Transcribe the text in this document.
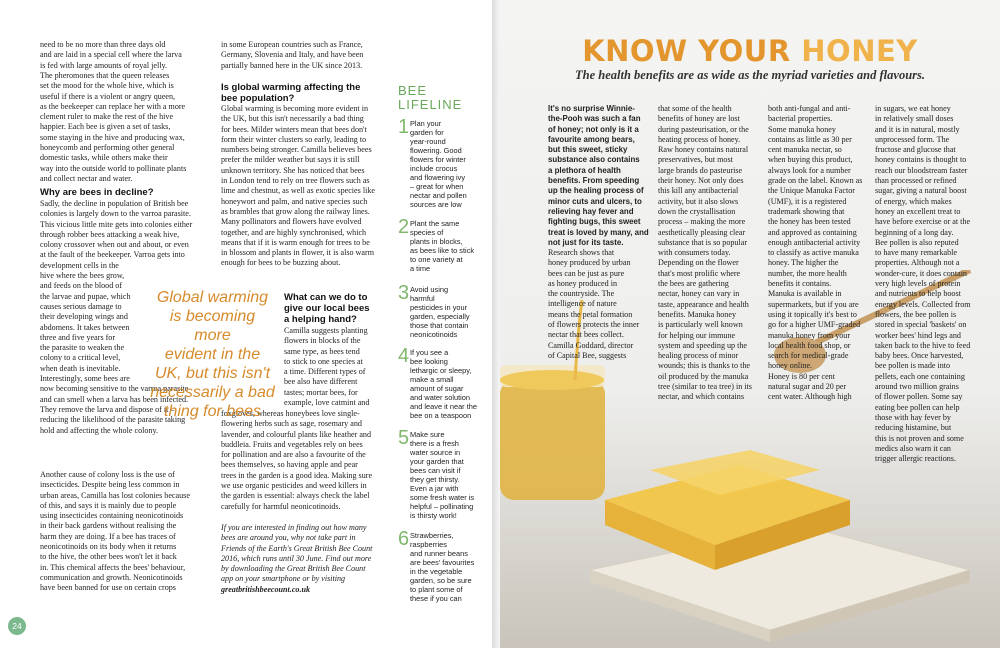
need to be no more than three days old
and are laid in a special cell where the larva
is fed with large amounts of royal jelly.

The pheromones that the queen releases
set the mood for the whole hive, which is
useful if there is a violent or angry queen,
as the beekeeper can replace her with a more
clement ruler to make the rest of the hive
happier. Each bee is given a set of tasks,
some staying in the hive and producing wax,
honeycomb and performing other general
domestic tasks, while others make their
way into the outside world to pollinate plants
and collect nectar and water.

Why are bees in decline?

Sadly, the decline in population of British bee
colonies is largely down to the varroa parasite.
This vicious little mite gets into colonies either
through robber bees attacking a weak hive,
colony crossover when out and about, or even
at the fault of the beekeeper. Varroa gets into
development cells in the
hive where the bees grow,
and feeds on the blood of
the larvae and pupae, which
causes serious damage to
their developing wings and
abdomens. It takes between
three and five years for
the parasite to weaken the
colony to a critical level,
when death is inevitable.
Interestingly, some bees are
now becoming sensitive to the varroa parasite
and can smell when a larva has been infected.
They remove the larva and dispose of it –
reducing the likelihood of the parasite taking
hold and affecting the whole colony.

Another cause of colony loss is the use of
insecticides. Despite being less common in
urban areas, Camilla has lost colonies because
of this, and says it is mainly due to people
using insecticides containing neonicotinoids
in their back gardens without realising the
harm they are doing. If a bee has traces of
neonicotinoids on its body when it returns
to the hive, the other bees won't let it back
in. This chemical affects the bees' behaviour,
communication and growth. Neonicotinoids
have been banned for use on certain crops

in some European countries such as France,
Germany, Slovenia and Italy, and have been
partially banned here in the UK since 2013.

Is global warming affecting the
bee population?

Global warming is becoming more evident in
the UK, but this isn't necessarily a bad thing
for bees. Milder winters mean that bees don't
form their winter clusters so early, leading to
numbers being stronger. Camilla believes bees
prefer the milder weather but says it is still
unknown territory. She has noticed that bees
in London tend to rely on tree flowers such as
lime and chestnut, as well as exotic species like
honeywort and palm, and native species such
as brambles that grow along the railway lines.
Many pollinators and flowers have evolved
together, and are highly synchronised, which
means that if it is warm enough for trees to be
in blossom and plants in flower, it is also warm
enough for bees to be buzzing about.

What can we do to
give our local bees
a helping hand?

Camilla suggests planting
flowers in blocks of the
same type, as bees tend
to stick to one species at
a time. Different types of
bee also have different
tastes; mortar bees, for
example, love catmint and

foxgloves, whereas honeybees love single-
flowering herbs such as sage, rosemary and
lavender, and colourful plants like heather and
buddleia. Fruits and vegetables rely on bees
for pollination and are also a favourite of the
bees themselves, so having apple and pear
trees in the garden is a good idea. Making sure
we use organic pesticides and weed killers in
the garden is essential: always check the label
carefully for harmful neonicotinoids.

If you are interested in finding out how many
bees are around you, why not take part in
Friends of the Earth's Great British Bee Count
2016, which runs until 30 June. Find out more
by downloading the Great British Bee Count
app on your smartphone or by visiting

greatbritishbeecount.co.uk

Global warming
is becoming more
evident in the
UK, but this isn't
necessarily a bad
thing for bees
BEE
LIFELINE
1 Plan your
garden for
year-round
flowering. Good
flowers for winter
include crocus
and flowering ivy
– great for when
nectar and pollen
sources are low
2 Plant the same
species of
plants in blocks,
as bees like to stick
to one variety at
a time
3 Avoid using
harmful
pesticides in your
garden, especially
those that contain
neonicotinoids
4 If you see a
bee looking
lethargic or sleepy,
make a small
amount of sugar
and water solution
and leave it near the
bee on a teaspoon
5 Make sure
there is a fresh
water source in
your garden that
bees can visit if
they get thirsty.
Even a jar with
some fresh water is
helpful – pollinating
is thirsty work!
6 Strawberries,
raspberries
and runner beans
are bees' favourites
in the vegetable
garden, so be sure
to plant some of
these if you can
24
KNOW YOUR HONEY
The health benefits are as wide as the myriad varieties and flavours.

It's no surprise Winnie-
the-Pooh was such a fan
of honey; not only is it a
favourite among bears,
but this sweet, sticky
substance also contains
a plethora of health
benefits. From speeding
up the healing process of
minor cuts and ulcers, to
relieving hay fever and
fighting bugs, this sweet
treat is loved by many, and
not just for its taste.

Research shows that
honey produced by urban
bees can be just as pure
as honey produced in
the countryside. The
intelligence of nature
means the petal formation
of flowers protects the inner
nectar that bees collect.
Camilla Goddard, director
of Capital Bee, suggests

that some of the health
benefits of honey are lost
during pasteurisation, or the
heating process of honey.
Raw honey contains natural
preservatives, but most
large brands do pasteurise
their honey. Not only does
this kill any antibacterial
activity, but it also slows
down the crystallisation
process – making the more
aesthetically pleasing clear
substance that is so popular
with consumers today.
Depending on the flower
that's most prolific where
the bees are gathering
nectar, honey can vary in
taste, appearance and health
benefits. Manuka honey
is particularly well known
for helping our immune
system and speeding up the
healing process of minor
wounds; this is thanks to the
oil produced by the manuka
tree (similar to tea tree) in its
nectar, and which contains

both anti-fungal and anti-
bacterial properties.
Some manuka honey
contains as little as 30 per
cent manuka nectar, so
when buying this product,
always look for a number
grade on the label. Known as
the Unique Manuka Factor
(UMF), it is a registered
trademark showing that
the honey has been tested
and approved as containing
enough antibacterial activity
to classify as active manuka
honey. The higher the
number, the more health
benefits it contains.
Manuka is available in
supermarkets, but if you are
using it topically it's best to
go for a higher UMF-graded
manuka honey from your
local health food shop, or
search for medical-grade
honey online.
Honey is 80 per cent
natural sugar and 20 per
cent water. Although high

in sugars, we eat honey
in relatively small doses
and it is in natural, mostly
unprocessed form. The
fructose and glucose that
honey contains is thought to
reach our bloodstream faster
than processed or refined
sugar, giving a natural boost
of energy, which makes
honey an excellent treat to
have before exercise or at the
beginning of a long day.
Bee pollen is also reputed
to have many remarkable
properties. Although not a
wonder-cure, it does contain
very high levels of protein
and nutrients to help boost
energy levels. Collected from
flowers, the bee pollen is
stored in special 'baskets' on
worker bees' hind legs and
taken back to the hive to feed
baby bees. Once harvested,
bee pollen is made into
pellets, each one containing
around two million grains
of flower pollen. Some say
eating bee pollen can help
those with hay fever by
reducing histamine, but
this is not proven and some
medics also warn it can
trigger allergic reactions.
